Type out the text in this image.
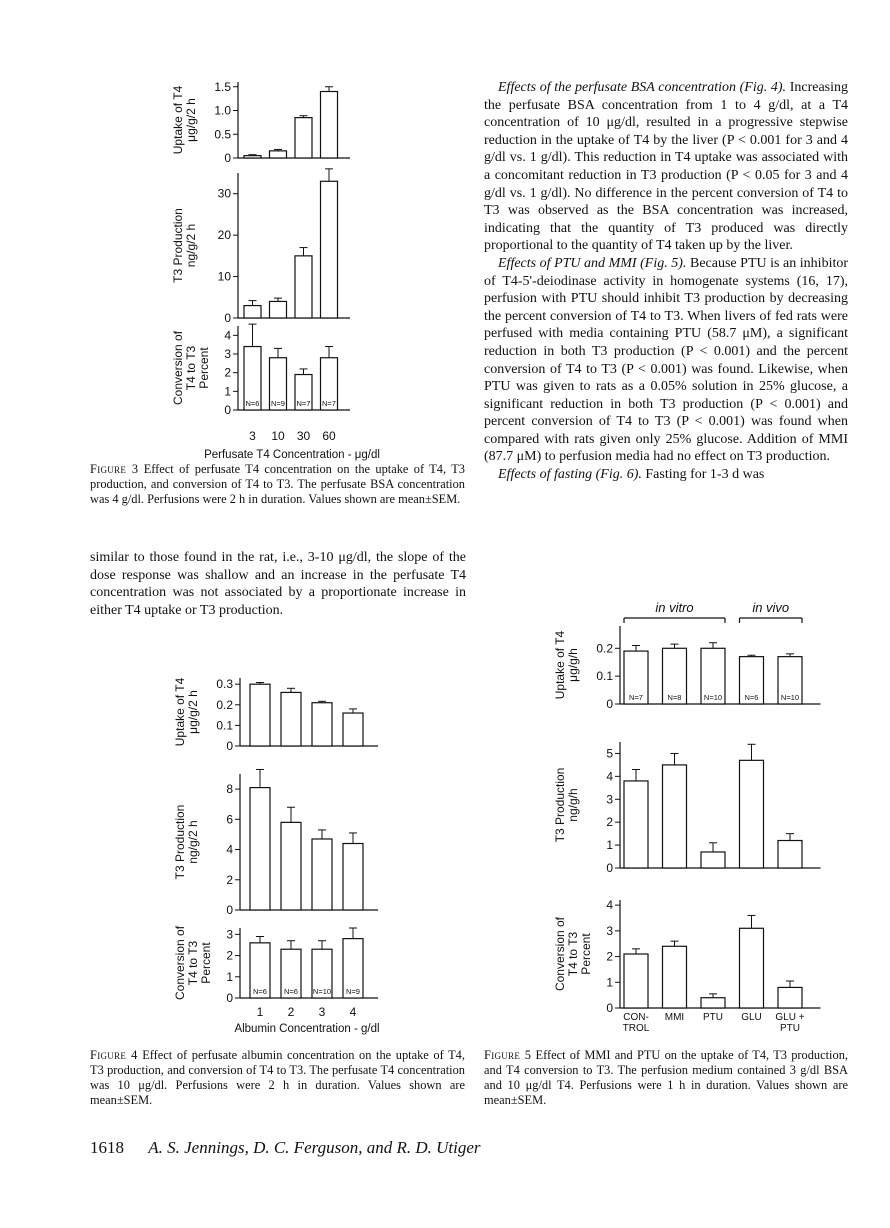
0
0.5
1.0
1.5
Uptake of T4 μg/g/2 h
0
10
20
30
T3 Production ng/g/2 h
0
1
2
3
4
Conversion of T4 to T3 Percent
N=6 N=9 N=7 N=7
3 10 30 60
Perfusate T4 Concentration - μg/dl
Figure 3 Effect of perfusate T4 concentration on the uptake of T4, T3 production, and conversion of T4 to T3. The perfusate BSA concentration was 4 g/dl. Perfusions were 2 h in duration. Values shown are mean±SEM.

similar to those found in the rat, i.e., 3-10 μg/dl, the slope of the dose response was shallow and an increase in the perfusate T4 concentration was not associated by a proportionate increase in either T4 uptake or T3 production.

0
0.1
0.2
0.3
Uptake of T4 μg/g/2 h
0
2
4
6
8
T3 Production ng/g/2 h
0
1
2
3
Conversion of T4 to T3 Percent
N=6 N=6 N=10 N=9
1 2 3 4
Albumin Concentration - g/dl
Figure 4 Effect of perfusate albumin concentration on the uptake of T4, T3 production, and conversion of T4 to T3. The perfusate T4 concentration was 10 μg/dl. Perfusions were 2 h in duration. Values shown are mean±SEM.

Effects of the perfusate BSA concentration (Fig. 4). Increasing the perfusate BSA concentration from 1 to 4 g/dl, at a T4 concentration of 10 μg/dl, resulted in a progressive stepwise reduction in the uptake of T4 by the liver (P < 0.001 for 3 and 4 g/dl vs. 1 g/dl). This reduction in T4 uptake was associated with a concomitant reduction in T3 production (P < 0.05 for 3 and 4 g/dl vs. 1 g/dl). No difference in the percent conversion of T4 to T3 was observed as the BSA concentration was increased, indicating that the quantity of T3 produced was directly proportional to the quantity of T4 taken up by the liver.

Effects of PTU and MMI (Fig. 5). Because PTU is an inhibitor of T4-5'-deiodinase activity in homogenate systems (16, 17), perfusion with PTU should inhibit T3 production by decreasing the percent conversion of T4 to T3. When livers of fed rats were perfused with media containing PTU (58.7 μM), a significant reduction in both T3 production (P < 0.001) and the percent conversion of T4 to T3 (P < 0.001) was found. Likewise, when PTU was given to rats as a 0.05% solution in 25% glucose, a significant reduction in both T3 production (P < 0.001) and percent conversion of T4 to T3 (P < 0.001) was found when compared with rats given only 25% glucose. Addition of MMI (87.7 μM) to perfusion media had no effect on T3 production.

Effects of fasting (Fig. 6). Fasting for 1-3 d was

0
0.1
0.2
Uptake of T4 μg/g/h
N=7	N=8	N=10	N=6	N=10
0
1
2
3
4
5
T3 Production ng/g/h
0
1
2
3
4
Conversion of T4 to T3 Percent
CON-
TROL
MMI PTU GLU GLU +
PTU
in vitro	in vivo
Figure 5 Effect of MMI and PTU on the uptake of T4, T3 production, and T4 conversion to T3. The perfusion medium contained 3 g/dl BSA and 10 μg/dl T4. Perfusions were 1 h in duration. Values shown are mean±SEM.
1618 A. S. Jennings, D. C. Ferguson, and R. D. Utiger
